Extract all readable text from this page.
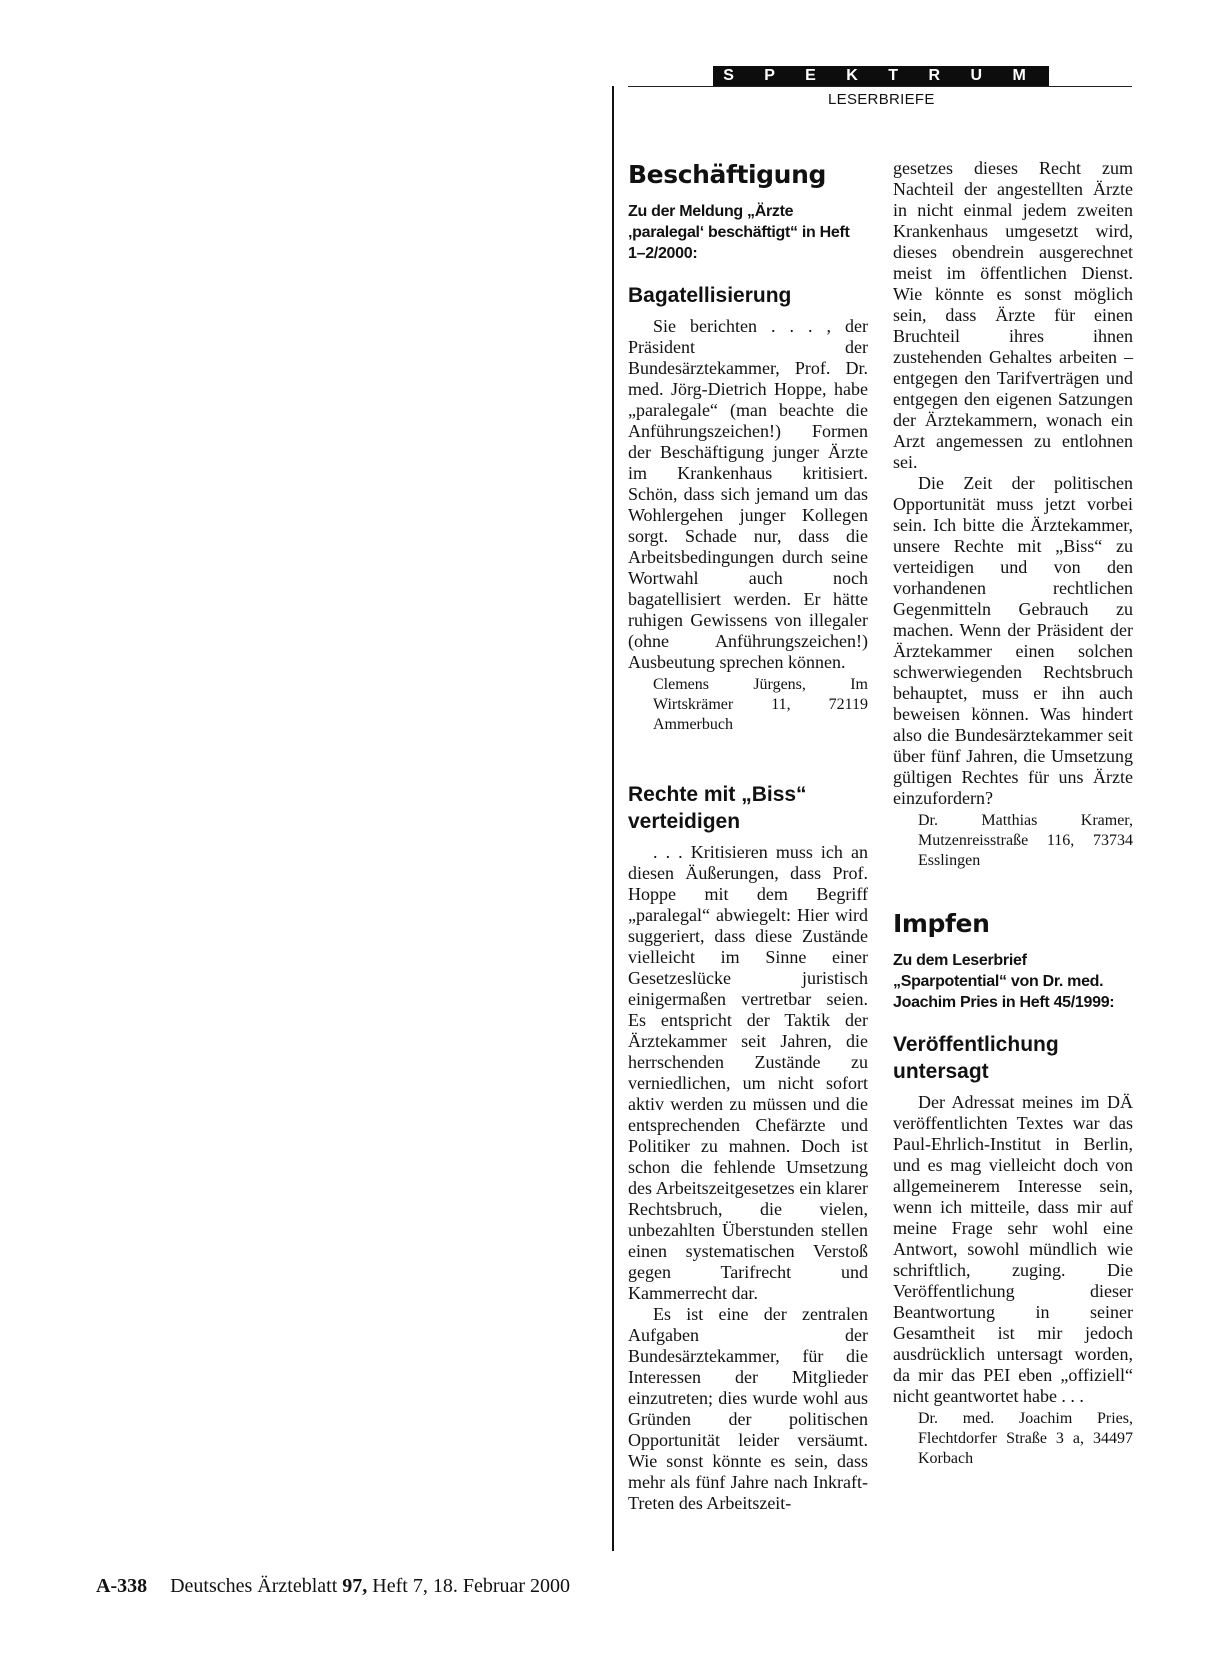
S P E K T R U M
LESERBRIEFE
Beschäftigung
Zu der Meldung „Ärzte ‚paralegal‘ beschäftigt“ in Heft 1–2/2000:
Bagatellisierung

Sie berichten . . . , der Präsident der Bundesärztekammer, Prof. Dr. med. Jörg-Dietrich Hoppe, habe „paralegale“ (man beachte die Anführungszeichen!) Formen der Beschäftigung junger Ärzte im Krankenhaus kritisiert. Schön, dass sich jemand um das Wohlergehen junger Kollegen sorgt. Schade nur, dass die Arbeitsbedingungen durch seine Wortwahl auch noch bagatellisiert werden. Er hätte ruhigen Gewissens von illegaler (ohne Anführungszeichen!) Ausbeutung sprechen können.

Clemens Jürgens, Im Wirtskrämer 11, 72119 Ammerbuch
Rechte mit „Biss“ verteidigen

. . . Kritisieren muss ich an diesen Äußerungen, dass Prof. Hoppe mit dem Begriff „paralegal“ abwiegelt: Hier wird suggeriert, dass diese Zustände vielleicht im Sinne einer Gesetzeslücke juristisch einigermaßen vertretbar seien. Es entspricht der Taktik der Ärztekammer seit Jahren, die herrschenden Zustände zu verniedlichen, um nicht sofort aktiv werden zu müssen und die entsprechenden Chefärzte und Politiker zu mahnen. Doch ist schon die fehlende Umsetzung des Arbeitszeitgesetzes ein klarer Rechtsbruch, die vielen, unbezahlten Überstunden stellen einen systematischen Verstoß gegen Tarifrecht und Kammerrecht dar.

Es ist eine der zentralen Aufgaben der Bundesärztekammer, für die Interessen der Mitglieder einzutreten; dies wurde wohl aus Gründen der politischen Opportunität leider versäumt. Wie sonst könnte es sein, dass mehr als fünf Jahre nach Inkraft-Treten des Arbeitszeit-

gesetzes dieses Recht zum Nachteil der angestellten Ärzte in nicht einmal jedem zweiten Krankenhaus umgesetzt wird, dieses obendrein ausgerechnet meist im öffentlichen Dienst. Wie könnte es sonst möglich sein, dass Ärzte für einen Bruchteil ihres ihnen zustehenden Gehaltes arbeiten – entgegen den Tarifverträgen und entgegen den eigenen Satzungen der Ärztekammern, wonach ein Arzt angemessen zu entlohnen sei.

Die Zeit der politischen Opportunität muss jetzt vorbei sein. Ich bitte die Ärztekammer, unsere Rechte mit „Biss“ zu verteidigen und von den vorhandenen rechtlichen Gegenmitteln Gebrauch zu machen. Wenn der Präsident der Ärztekammer einen solchen schwerwiegenden Rechtsbruch behauptet, muss er ihn auch beweisen können. Was hindert also die Bundesärztekammer seit über fünf Jahren, die Umsetzung gültigen Rechtes für uns Ärzte einzufordern?

Dr. Matthias Kramer, Mutzenreisstraße 116, 73734 Esslingen
Impfen
Zu dem Leserbrief „Sparpotential“ von Dr. med. Joachim Pries in Heft 45/1999:
Veröffentlichung untersagt

Der Adressat meines im DÄ veröffentlichten Textes war das Paul-Ehrlich-Institut in Berlin, und es mag vielleicht doch von allgemeinerem Interesse sein, wenn ich mitteile, dass mir auf meine Frage sehr wohl eine Antwort, sowohl mündlich wie schriftlich, zuging. Die Veröffentlichung dieser Beantwortung in seiner Gesamtheit ist mir jedoch ausdrücklich untersagt worden, da mir das PEI eben „offiziell“ nicht geantwortet habe . . .

Dr. med. Joachim Pries, Flechtdorfer Straße 3 a, 34497 Korbach
A-338 Deutsches Ärzteblatt 97, Heft 7, 18. Februar 2000
